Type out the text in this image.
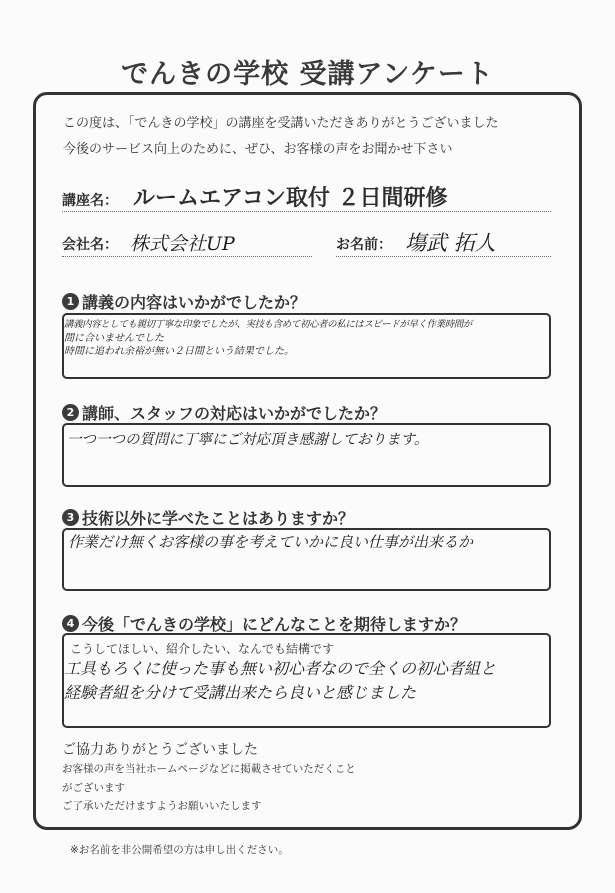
でんきの学校 受講アンケート
この度は、「でんきの学校」の講座を受講いただきありがとうございました
今後のサービス向上のために、ぜひ、お客様の声をお聞かせ下さい
講座名： ルームエアコン取付 ２日間研修
会社名： 株式会社UP	お名前： 塲武 拓人
1 講義の内容はいかがでしたか？
講義内容としても親切丁寧な印象でしたが、実技も含めて初心者の私にはスピードが早く作業時間が
間に合いませんでした
時間に追われ余裕が無い２日間という結果でした。
2 講師、スタッフの対応はいかがでしたか？
一つ一つの質問に丁寧にご対応頂き感謝しております。
3 技術以外に学べたことはありますか？
作業だけ無くお客様の事を考えていかに良い仕事が出来るか
4 今後「でんきの学校」にどんなことを期待しますか？
こうしてほしい、紹介したい、なんでも結構です
工具もろくに使った事も無い初心者なので全くの初心者組と
経験者組を分けて受講出来たら良いと感じました
ご協力ありがとうございました
お客様の声を当社ホームページなどに掲載させていただくこと
がございます
ご了承いただけますようお願いいたします
※お名前を非公開希望の方は申し出ください。
